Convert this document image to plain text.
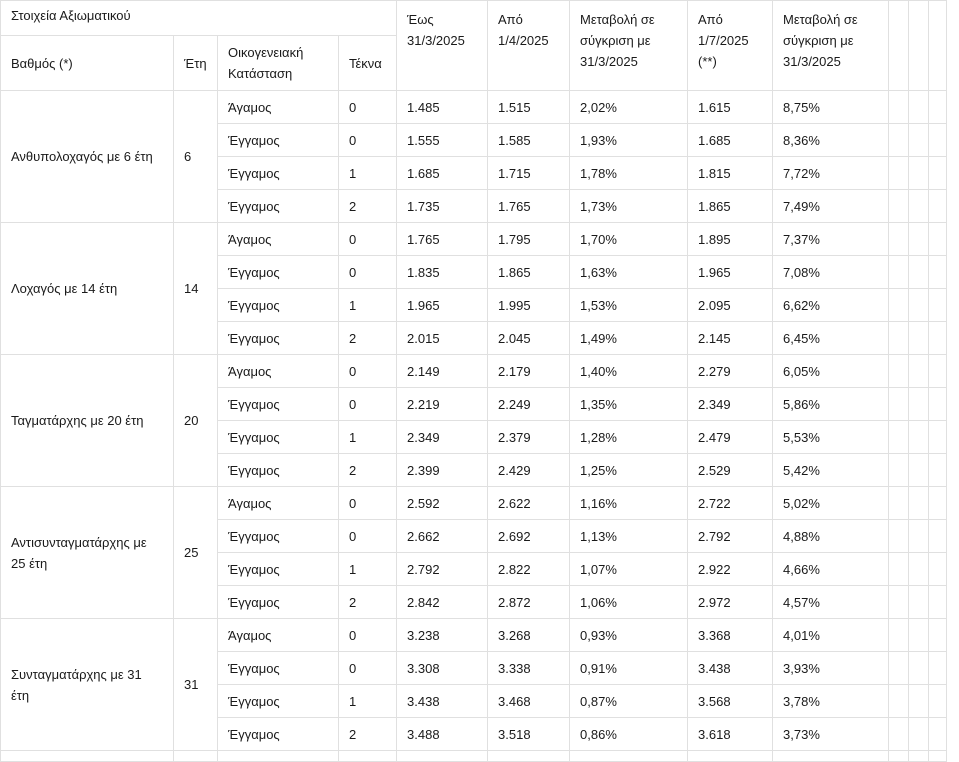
Στοιχεία Αξιωματικού				Έως 31/3/2025	Από 1/4/2025	Μεταβολή σε σύγκριση με 31/3/2025	Από 1/7/2025 (**)	Μεταβολή σε σύγκριση με 31/3/2025			
Βαθμός (*)	Έτη	Οικογενειακή Κατάσταση	Τέκνα								
Ανθυπολοχαγός με 6 έτη	6	Άγαμος	0	1.485	1.515	2,02%	1.615	8,75%			
		Έγγαμος	0	1.555	1.585	1,93%	1.685	8,36%			
		Έγγαμος	1	1.685	1.715	1,78%	1.815	7,72%			
		Έγγαμος	2	1.735	1.765	1,73%	1.865	7,49%			
Λοχαγός με 14 έτη	14	Άγαμος	0	1.765	1.795	1,70%	1.895	7,37%			
		Έγγαμος	0	1.835	1.865	1,63%	1.965	7,08%			
		Έγγαμος	1	1.965	1.995	1,53%	2.095	6,62%			
		Έγγαμος	2	2.015	2.045	1,49%	2.145	6,45%			
Ταγματάρχης με 20 έτη	20	Άγαμος	0	2.149	2.179	1,40%	2.279	6,05%			
		Έγγαμος	0	2.219	2.249	1,35%	2.349	5,86%			
		Έγγαμος	1	2.349	2.379	1,28%	2.479	5,53%			
		Έγγαμος	2	2.399	2.429	1,25%	2.529	5,42%			
Αντισυνταγματάρχης με 25 έτη	25	Άγαμος	0	2.592	2.622	1,16%	2.722	5,02%			
		Έγγαμος	0	2.662	2.692	1,13%	2.792	4,88%			
		Έγγαμος	1	2.792	2.822	1,07%	2.922	4,66%			
		Έγγαμος	2	2.842	2.872	1,06%	2.972	4,57%			
Συνταγματάρχης με 31 έτη	31	Άγαμος	0	3.238	3.268	0,93%	3.368	4,01%			
		Έγγαμος	0	3.308	3.338	0,91%	3.438	3,93%			
		Έγγαμος	1	3.438	3.468	0,87%	3.568	3,78%			
		Έγγαμος	2	3.488	3.518	0,86%	3.618	3,73%			
